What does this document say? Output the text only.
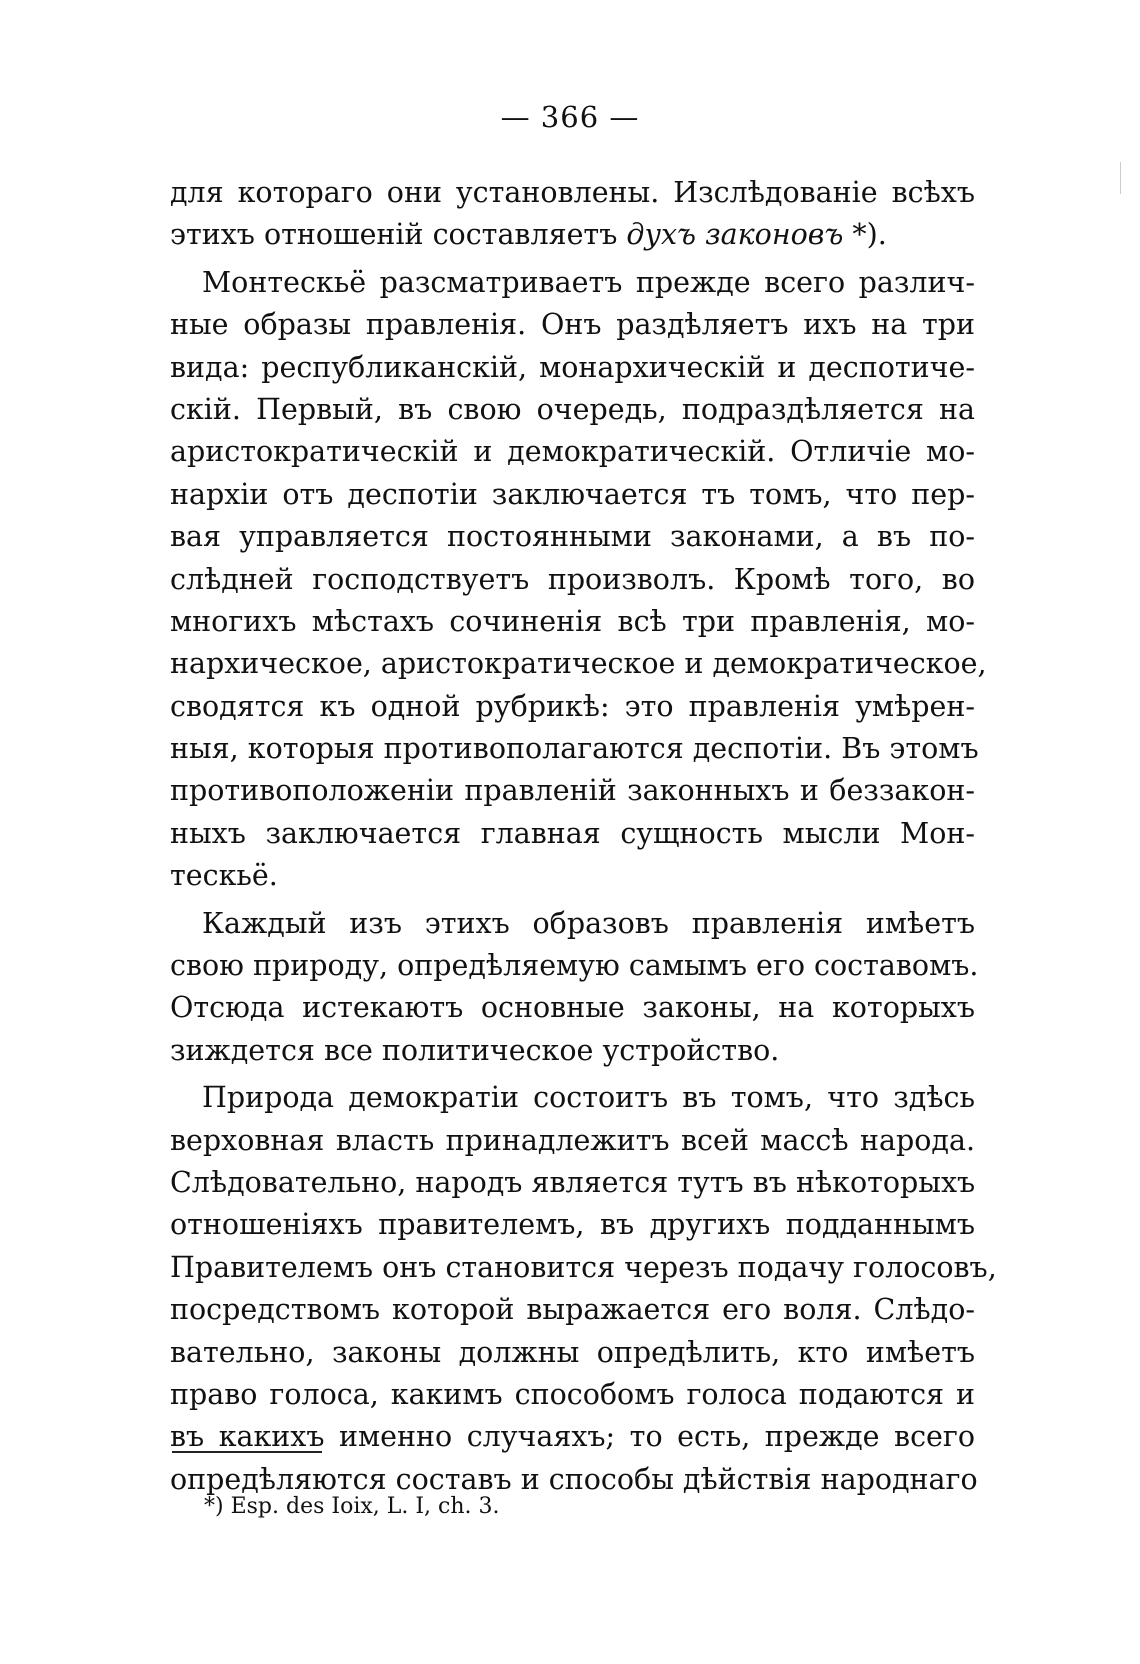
— 366 —
для котораго они установлены. Изслѣдованіе всѣхъ
этихъ отношеній составляетъ духъ законовъ *).
Монтескьё разсматриваетъ прежде всего различ-
ные образы правленія. Онъ раздѣляетъ ихъ на три
вида: республиканскій, монархическій и деспотиче-
скій. Первый, въ свою очередь, подраздѣляется на
аристократическій и демократическій. Отличіе мо-
нархіи отъ деспотіи заключается тъ томъ, что пер-
вая управляется постоянными законами, а въ по-
слѣдней господствуетъ произволъ. Кромѣ того, во
многихъ мѣстахъ сочиненія всѣ три правленія, мо-
нархическое, аристократическое и демократическое,
сводятся къ одной рубрикѣ: это правленія умѣрен-
ныя, которыя противополагаются деспотіи. Въ этомъ
противоположеніи правленій законныхъ и беззакон-
ныхъ заключается главная сущность мысли Мон-
тескьё.
Каждый изъ этихъ образовъ правленія имѣетъ
свою природу, опредѣляемую самымъ его составомъ.
Отсюда истекаютъ основные законы, на которыхъ
зиждется все политическое устройство.
Природа демократіи состоитъ въ томъ, что здѣсь
верховная власть принадлежитъ всей массѣ народа.
Слѣдовательно, народъ является тутъ въ нѣкоторыхъ
отношеніяхъ правителемъ, въ другихъ подданнымъ
Правителемъ онъ становится черезъ подачу голосовъ,
посредствомъ которой выражается его воля. Слѣдо-
вательно, законы должны опредѣлить, кто имѣетъ
право голоса, какимъ способомъ голоса подаются и
въ какихъ именно случаяхъ; то есть, прежде всего
опредѣляются составъ и способы дѣйствія народнаго
*) Esp. des Ioix, L. I, ch. 3.
